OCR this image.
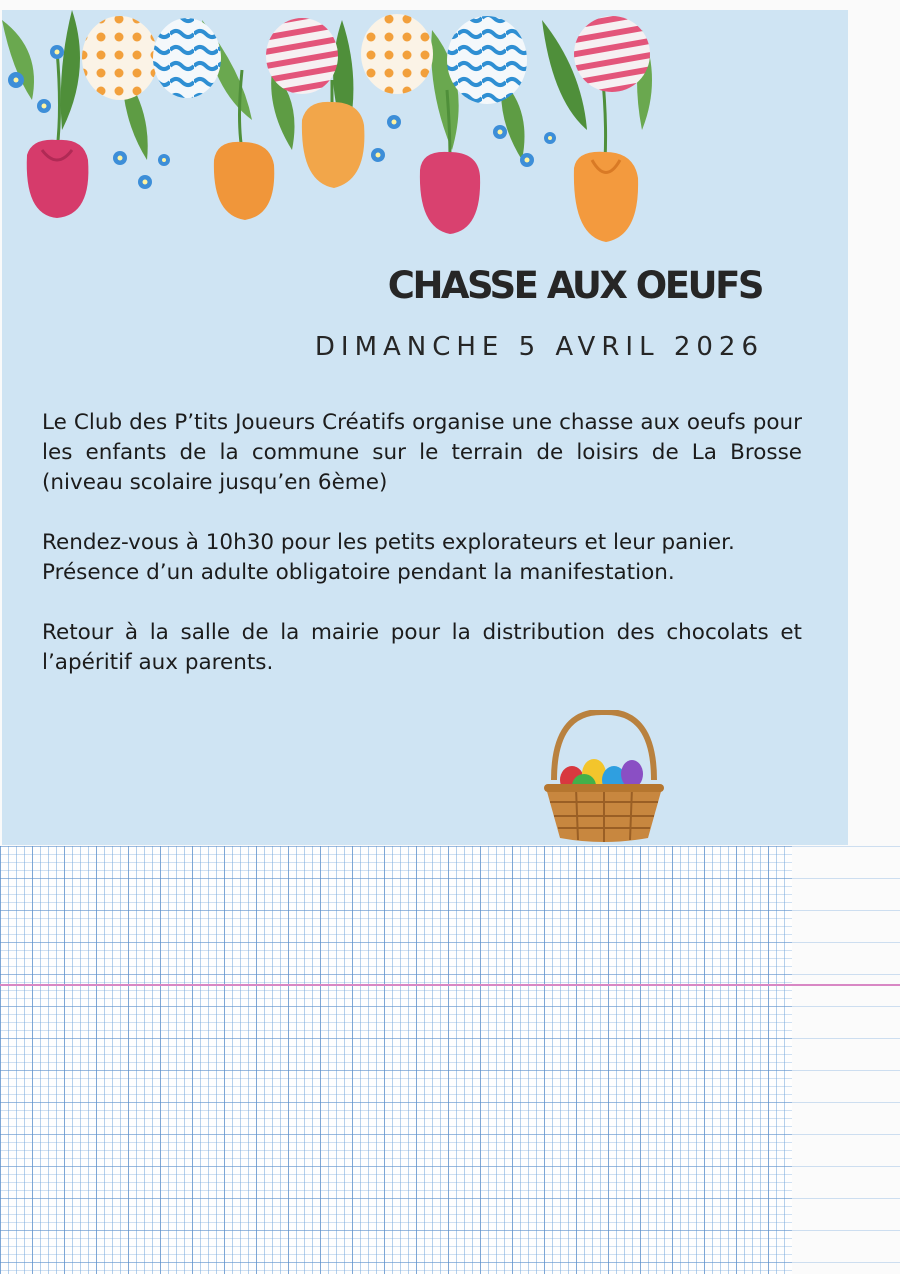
CHASSE AUX OEUFS
DIMANCHE 5 AVRIL 2026

Le Club des P’tits Joueurs Créatifs organise une chasse aux oeufs pour les enfants de la commune sur le terrain de loisirs de La Brosse (niveau scolaire jusqu’en 6ème)

Rendez-vous à 10h30 pour les petits explorateurs et leur panier.
Présence d’un adulte obligatoire pendant la manifestation.

Retour à la salle de la mairie pour la distribution des chocolats et l’apéritif aux parents.
